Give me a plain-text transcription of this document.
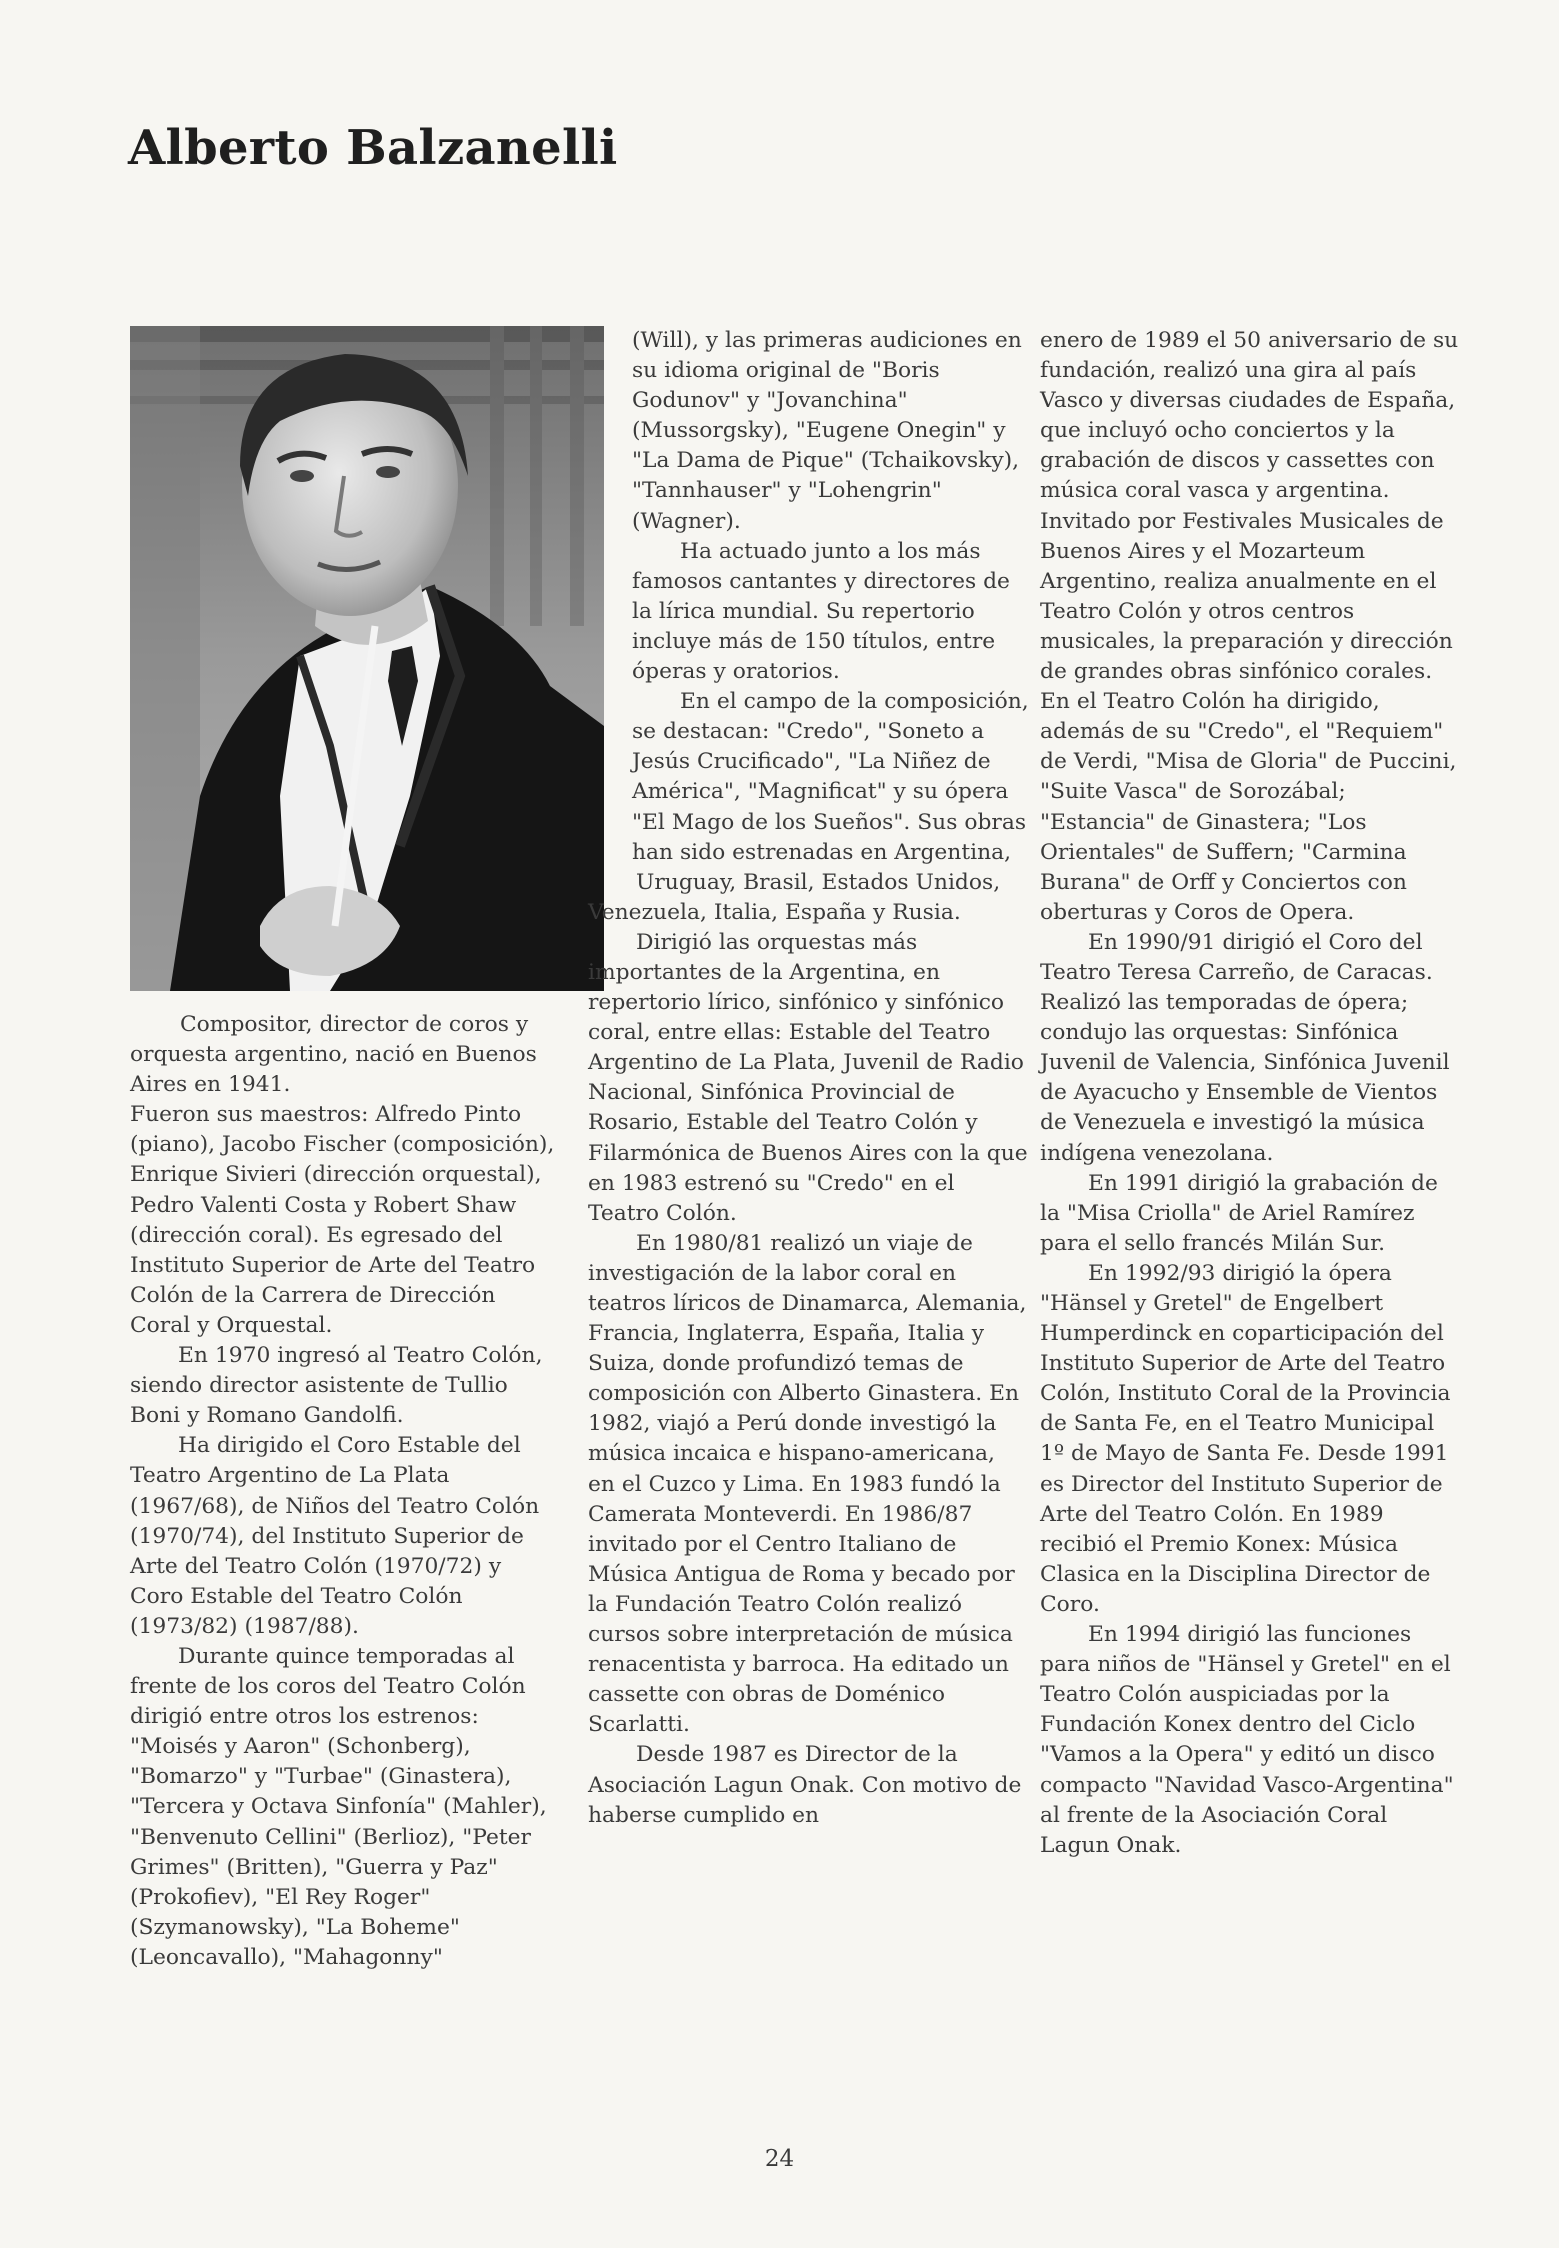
Alberto Balzanelli

Compositor, director de coros y orquesta argentino, nació en Buenos Aires en 1941.

Fueron sus maestros: Alfredo Pinto (piano), Jacobo Fischer (composición), Enrique Sivieri (dirección orquestal), Pedro Valenti Costa y Robert Shaw (dirección coral). Es egresado del Instituto Superior de Arte del Teatro Colón de la Carrera de Dirección Coral y Orquestal.

En 1970 ingresó al Teatro Colón, siendo director asistente de Tullio Boni y Romano Gandolfi.

Ha dirigido el Coro Estable del Teatro Argentino de La Plata (1967/68), de Niños del Teatro Colón (1970/74), del Instituto Superior de Arte del Teatro Colón (1970/72) y Coro Estable del Teatro Colón (1973/82) (1987/88).

Durante quince temporadas al frente de los coros del Teatro Colón dirigió entre otros los estrenos: "Moisés y Aaron" (Schonberg), "Bomarzo" y "Turbae" (Ginastera), "Tercera y Octava Sinfonía" (Mahler), "Benvenuto Cellini" (Berlioz), "Peter Grimes" (Britten), "Guerra y Paz" (Prokofiev), "El Rey Roger" (Szymanowsky), "La Boheme" (Leoncavallo), "Mahagonny"

(Will), y las primeras audiciones en su idioma original de "Boris Godunov" y "Jovanchina" (Mussorgsky), "Eugene Onegin" y "La Dama de Pique" (Tchaikovsky), "Tannhauser" y "Lohengrin" (Wagner).

Ha actuado junto a los más famosos cantantes y directores de la lírica mundial. Su repertorio incluye más de 150 títulos, entre óperas y oratorios.

En el campo de la composición, se destacan: "Credo", "Soneto a Jesús Crucificado", "La Niñez de América", "Magnificat" y su ópera "El Mago de los Sueños". Sus obras han sido estrenadas en Argentina,

Uruguay, Brasil, Estados Unidos, Venezuela, Italia, España y Rusia.

Dirigió las orquestas más importantes de la Argentina, en repertorio lírico, sinfónico y sinfónico coral, entre ellas: Estable del Teatro Argentino de La Plata, Juvenil de Radio Nacional, Sinfónica Provincial de Rosario, Estable del Teatro Colón y Filarmónica de Buenos Aires con la que en 1983 estrenó su "Credo" en el Teatro Colón.

En 1980/81 realizó un viaje de investigación de la labor coral en teatros líricos de Dinamarca, Alemania, Francia, Inglaterra, España, Italia y Suiza, donde profundizó temas de composición con Alberto Ginastera. En 1982, viajó a Perú donde investigó la música incaica e hispano-americana, en el Cuzco y Lima. En 1983 fundó la Camerata Monteverdi. En 1986/87 invitado por el Centro Italiano de Música Antigua de Roma y becado por la Fundación Teatro Colón realizó cursos sobre interpretación de música renacentista y barroca. Ha editado un cassette con obras de Doménico Scarlatti.

Desde 1987 es Director de la Asociación Lagun Onak. Con motivo de haberse cumplido en

enero de 1989 el 50 aniversario de su fundación, realizó una gira al país Vasco y diversas ciudades de España, que incluyó ocho conciertos y la grabación de discos y cassettes con música coral vasca y argentina. Invitado por Festivales Musicales de Buenos Aires y el Mozarteum Argentino, realiza anualmente en el Teatro Colón y otros centros musicales, la preparación y dirección de grandes obras sinfónico corales.

En el Teatro Colón ha dirigido, además de su "Credo", el "Requiem" de Verdi, "Misa de Gloria" de Puccini, "Suite Vasca" de Sorozábal; "Estancia" de Ginastera; "Los Orientales" de Suffern; "Carmina Burana" de Orff y Conciertos con oberturas y Coros de Opera.

En 1990/91 dirigió el Coro del Teatro Teresa Carreño, de Caracas. Realizó las temporadas de ópera; condujo las orquestas: Sinfónica Juvenil de Valencia, Sinfónica Juvenil de Ayacucho y Ensemble de Vientos de Venezuela e investigó la música indígena venezolana.

En 1991 dirigió la grabación de la "Misa Criolla" de Ariel Ramírez para el sello francés Milán Sur.

En 1992/93 dirigió la ópera "Hänsel y Gretel" de Engelbert Humperdinck en coparticipación del Instituto Superior de Arte del Teatro Colón, Instituto Coral de la Provincia de Santa Fe, en el Teatro Municipal 1º de Mayo de Santa Fe. Desde 1991 es Director del Instituto Superior de Arte del Teatro Colón. En 1989 recibió el Premio Konex: Música Clasica en la Disciplina Director de Coro.

En 1994 dirigió las funciones para niños de "Hänsel y Gretel" en el Teatro Colón auspiciadas por la Fundación Konex dentro del Ciclo "Vamos a la Opera" y editó un disco compacto "Navidad Vasco-Argentina" al frente de la Asociación Coral Lagun Onak.

24
